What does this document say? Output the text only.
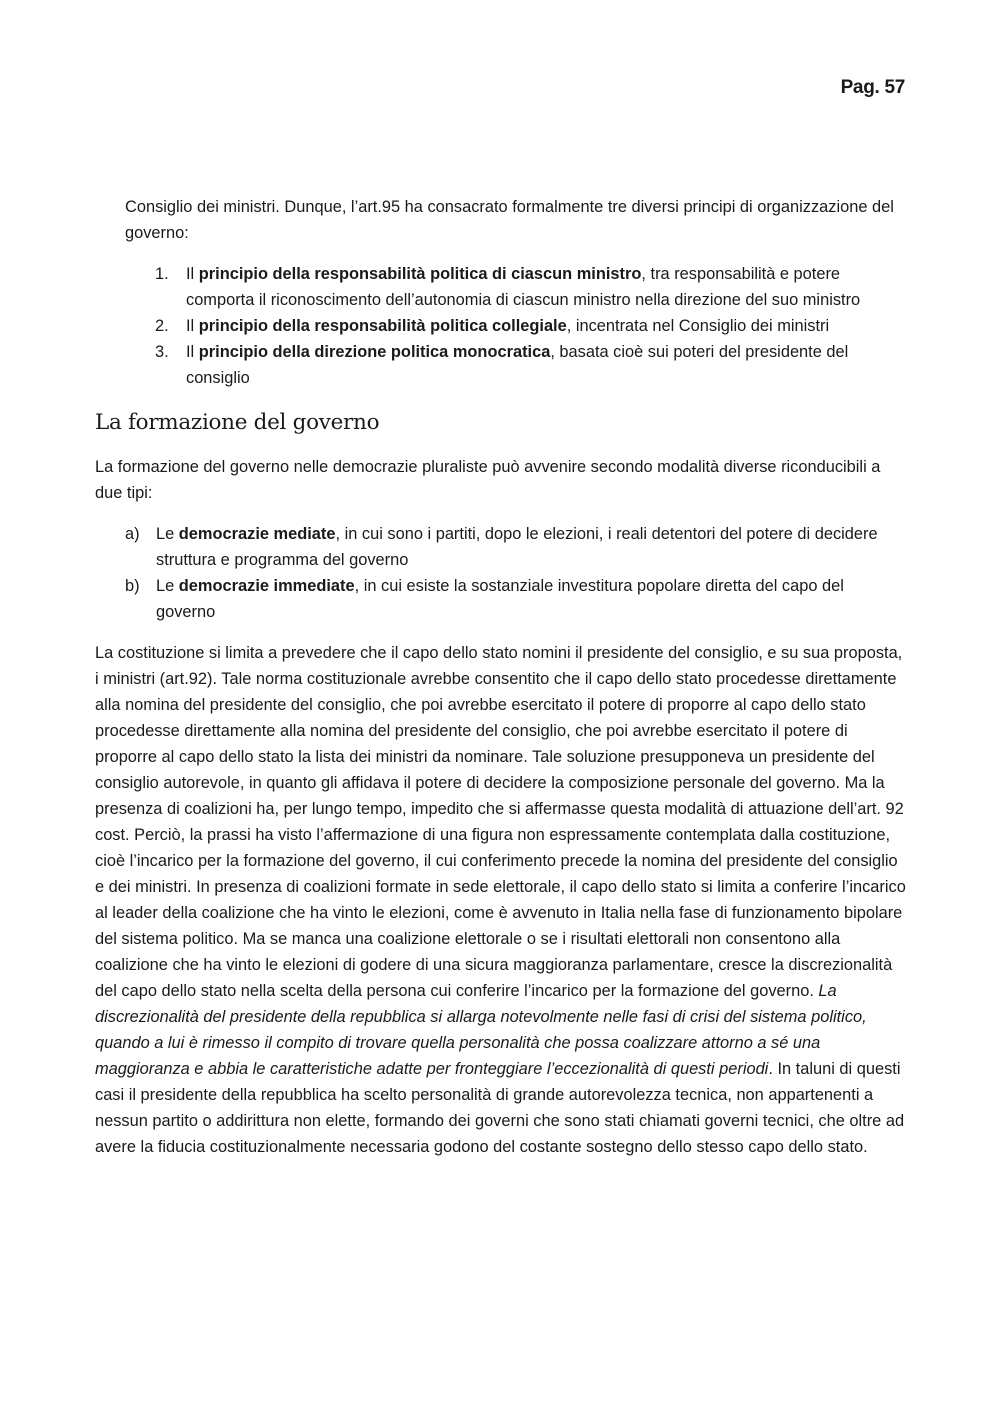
Pag. 57

Consiglio dei ministri. Dunque, l’art.95 ha consacrato formalmente tre diversi principi di organizzazione del governo:

1. Il principio della responsabilità politica di ciascun ministro, tra responsabilità e potere comporta il riconoscimento dell’autonomia di ciascun ministro nella direzione del suo ministro
2. Il principio della responsabilità politica collegiale, incentrata nel Consiglio dei ministri
3. Il principio della direzione politica monocratica, basata cioè sui poteri del presidente del consiglio
La formazione del governo

La formazione del governo nelle democrazie pluraliste può avvenire secondo modalità diverse riconducibili a due tipi:

a) Le democrazie mediate, in cui sono i partiti, dopo le elezioni, i reali detentori del potere di decidere struttura e programma del governo
b) Le democrazie immediate, in cui esiste la sostanziale investitura popolare diretta del capo del governo

La costituzione si limita a prevedere che il capo dello stato nomini il presidente del consiglio, e su sua proposta, i ministri (art.92). Tale norma costituzionale avrebbe consentito che il capo dello stato procedesse direttamente alla nomina del presidente del consiglio, che poi avrebbe esercitato il potere di proporre al capo dello stato procedesse direttamente alla nomina del presidente del consiglio, che poi avrebbe esercitato il potere di proporre al capo dello stato la lista dei ministri da nominare. Tale soluzione presupponeva un presidente del consiglio autorevole, in quanto gli affidava il potere di decidere la composizione personale del governo. Ma la presenza di coalizioni ha, per lungo tempo, impedito che si affermasse questa modalità di attuazione dell’art. 92 cost. Perciò, la prassi ha visto l’affermazione di una figura non espressamente contemplata dalla costituzione, cioè l’incarico per la formazione del governo, il cui conferimento precede la nomina del presidente del consiglio e dei ministri. In presenza di coalizioni formate in sede elettorale, il capo dello stato si limita a conferire l’incarico al leader della coalizione che ha vinto le elezioni, come è avvenuto in Italia nella fase di funzionamento bipolare del sistema politico. Ma se manca una coalizione elettorale o se i risultati elettorali non consentono alla coalizione che ha vinto le elezioni di godere di una sicura maggioranza parlamentare, cresce la discrezionalità del capo dello stato nella scelta della persona cui conferire l’incarico per la formazione del governo. La discrezionalità del presidente della repubblica si allarga notevolmente nelle fasi di crisi del sistema politico, quando a lui è rimesso il compito di trovare quella personalità che possa coalizzare attorno a sé una maggioranza e abbia le caratteristiche adatte per fronteggiare l’eccezionalità di questi periodi. In taluni di questi casi il presidente della repubblica ha scelto personalità di grande autorevolezza tecnica, non appartenenti a nessun partito o addirittura non elette, formando dei governi che sono stati chiamati governi tecnici, che oltre ad avere la fiducia costituzionalmente necessaria godono del costante sostegno dello stesso capo dello stato.
